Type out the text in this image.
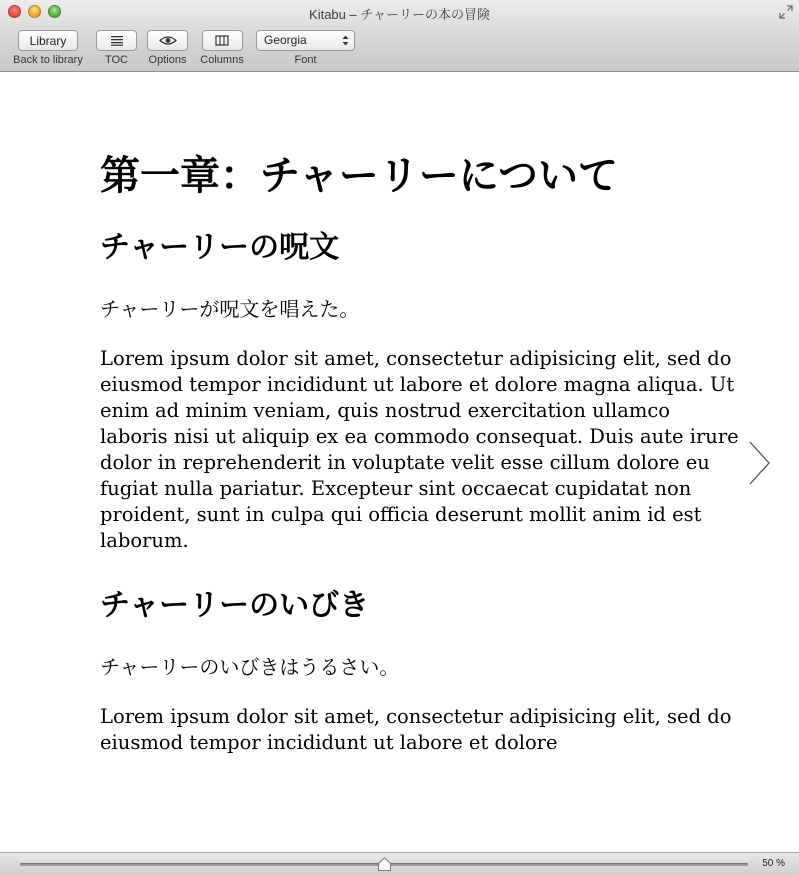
Kitabu – チャーリーの本の冒険
Library
Back to library	TOC	Options Columns
Georgia
Font
第一章：チャーリーについて
チャーリーの呪文

チャーリーが呪文を唱えた。

Lorem ipsum dolor sit amet, consectetur adipisicing elit, sed do eiusmod tempor incididunt ut labore et dolore magna aliqua. Ut enim ad minim veniam, quis nostrud exercitation ullamco laboris nisi ut aliquip ex ea commodo consequat. Duis aute irure dolor in reprehenderit in voluptate velit esse cillum dolore eu fugiat nulla pariatur. Excepteur sint occaecat cupidatat non proident, sunt in culpa qui officia deserunt mollit anim id est laborum.

チャーリーのいびき

チャーリーのいびきはうるさい。

Lorem ipsum dolor sit amet, consectetur adipisicing elit, sed do eiusmod tempor incididunt ut labore et dolore

50 %
